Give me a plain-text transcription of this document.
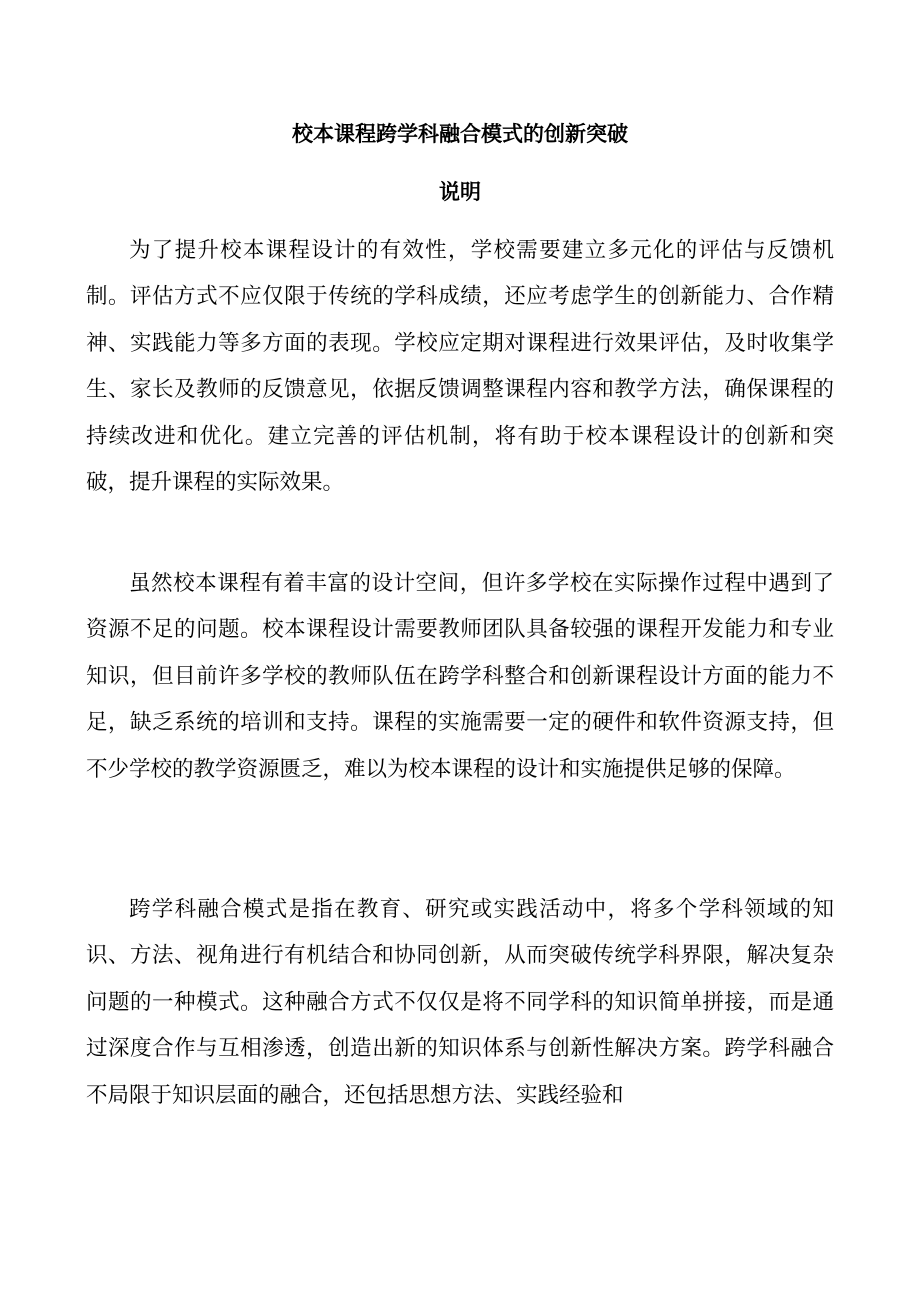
校本课程跨学科融合模式的创新突破
说明

为了提升校本课程设计的有效性，学校需要建立多元化的评估与反馈机制。评估方式不应仅限于传统的学科成绩，还应考虑学生的创新能力、合作精神、实践能力等多方面的表现。学校应定期对课程进行效果评估，及时收集学生、家长及教师的反馈意见，依据反馈调整课程内容和教学方法，确保课程的持续改进和优化。建立完善的评估机制，将有助于校本课程设计的创新和突破，提升课程的实际效果。

虽然校本课程有着丰富的设计空间，但许多学校在实际操作过程中遇到了资源不足的问题。校本课程设计需要教师团队具备较强的课程开发能力和专业知识，但目前许多学校的教师队伍在跨学科整合和创新课程设计方面的能力不足，缺乏系统的培训和支持。课程的实施需要一定的硬件和软件资源支持，但不少学校的教学资源匮乏，难以为校本课程的设计和实施提供足够的保障。

跨学科融合模式是指在教育、研究或实践活动中，将多个学科领域的知识、方法、视角进行有机结合和协同创新，从而突破传统学科界限，解决复杂问题的一种模式。这种融合方式不仅仅是将不同学科的知识简单拼接，而是通过深度合作与互相渗透，创造出新的知识体系与创新性解决方案。跨学科融合不局限于知识层面的融合，还包括思想方法、实践经验和
